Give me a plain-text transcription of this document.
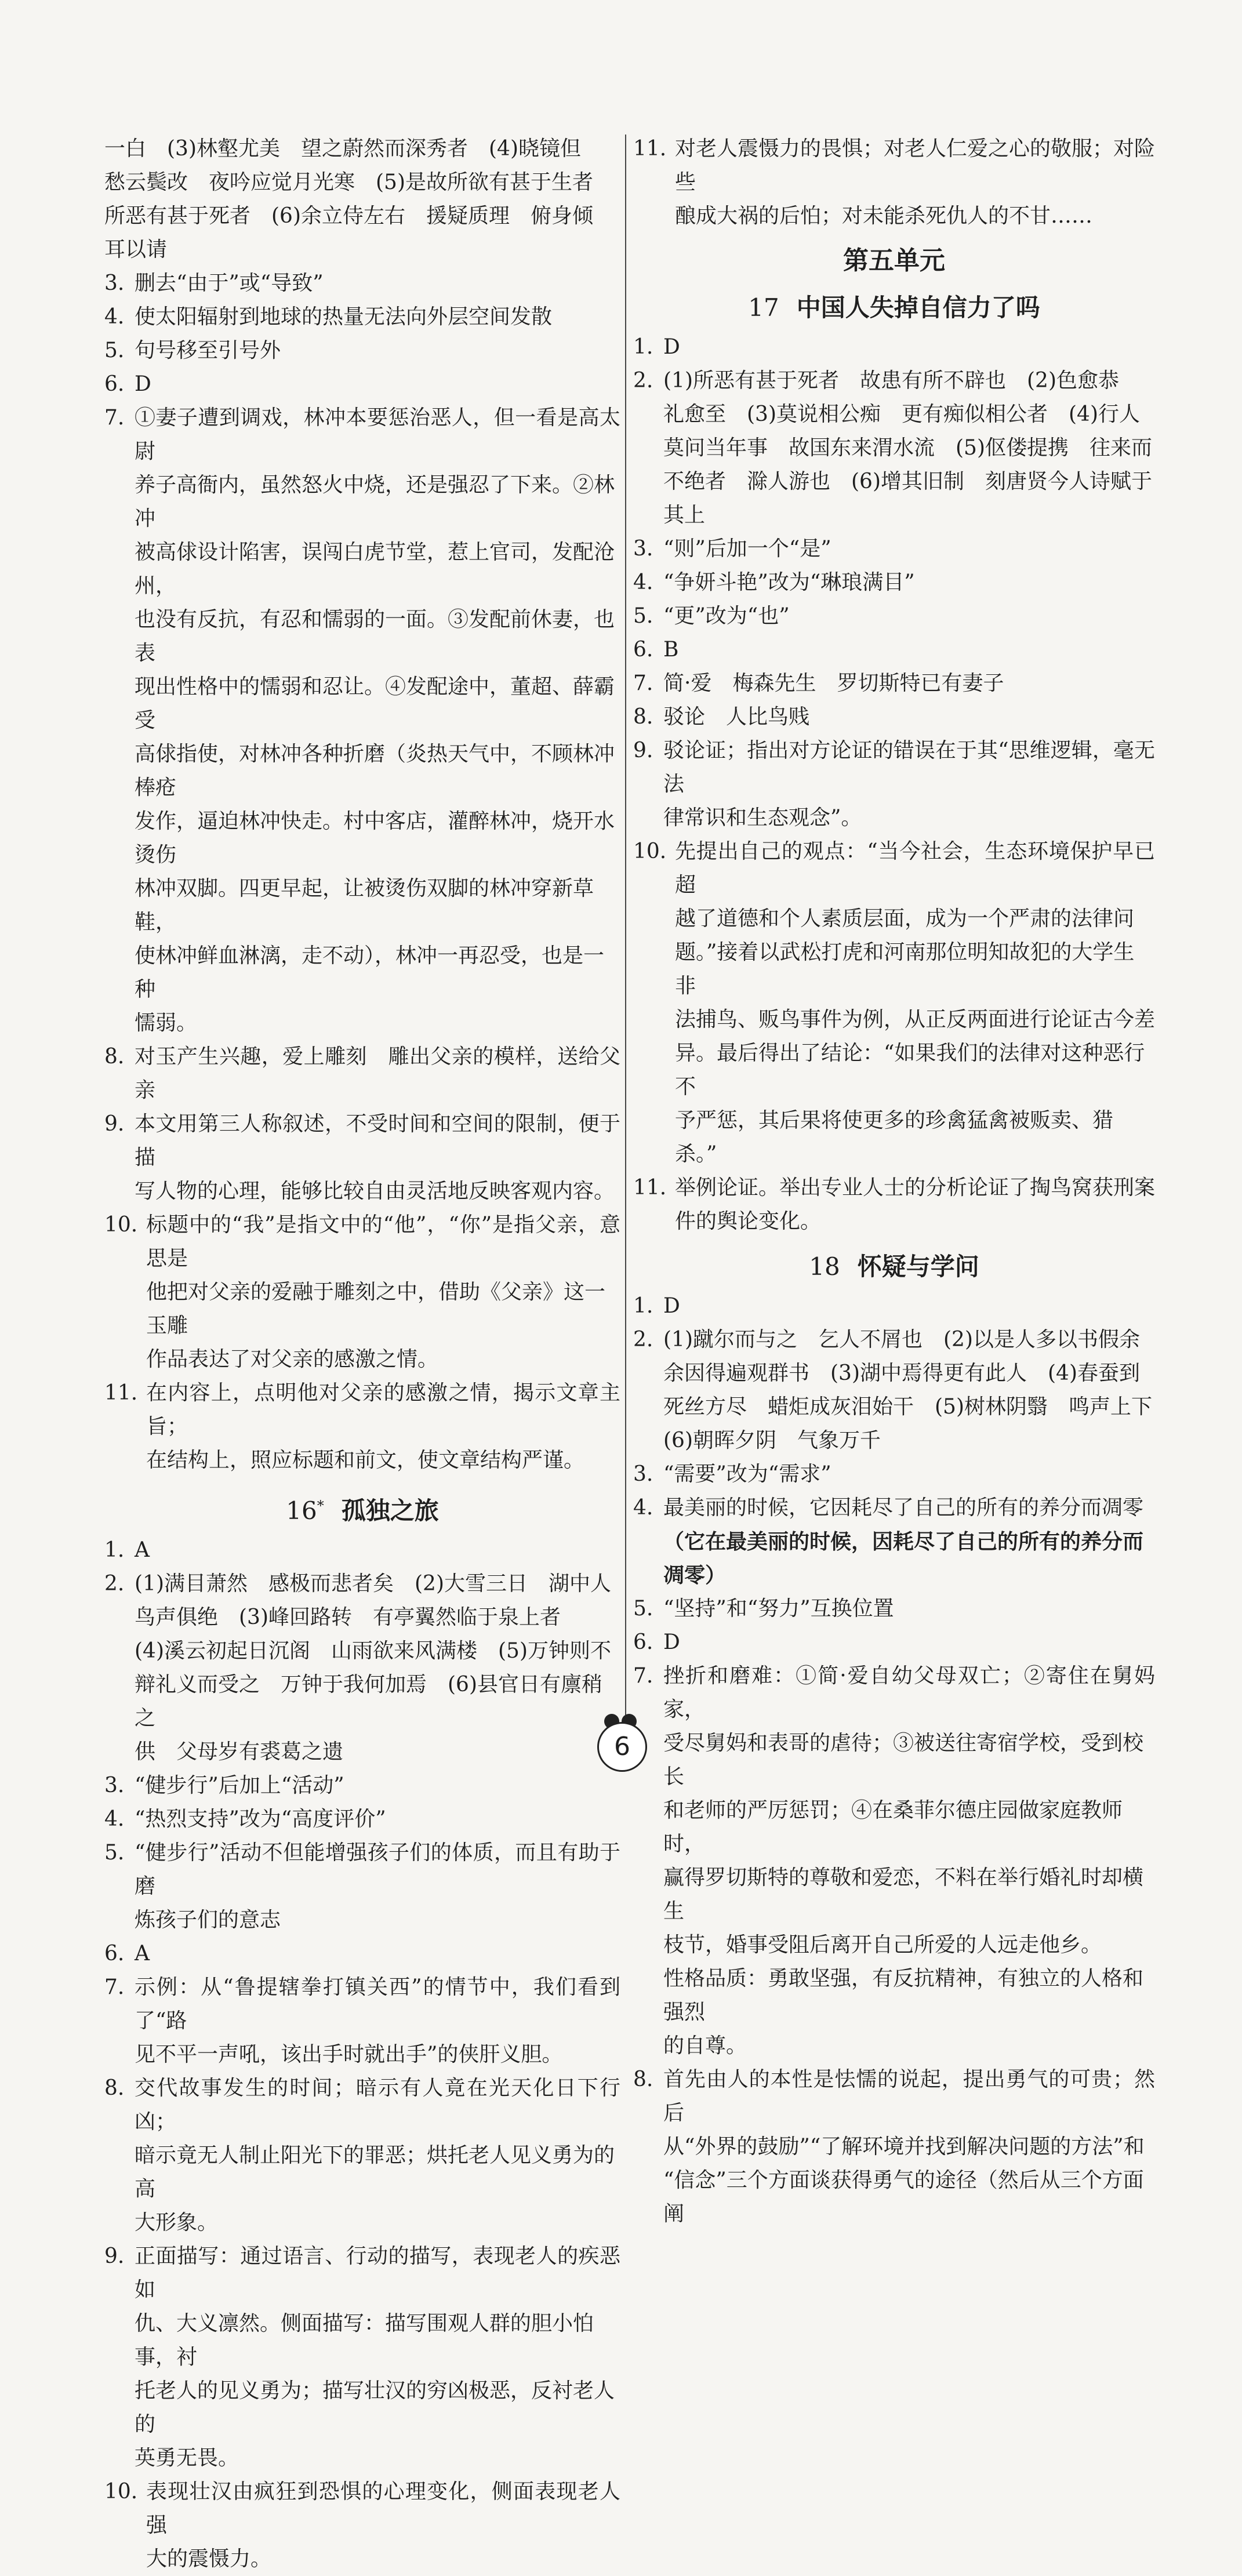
一白　(3)林壑尤美　望之蔚然而深秀者　(4)晓镜但
愁云鬓改　夜吟应觉月光寒　(5)是故所欲有甚于生者
所恶有甚于死者　(6)余立侍左右　援疑质理　俯身倾
耳以请
3. 删去“由于”或“导致”
4. 使太阳辐射到地球的热量无法向外层空间发散
5. 句号移至引号外
6. D
7. ①妻子遭到调戏，林冲本要惩治恶人，但一看是高太尉
养子高衙内，虽然怒火中烧，还是强忍了下来。②林冲
被高俅设计陷害，误闯白虎节堂，惹上官司，发配沧州，
也没有反抗，有忍和懦弱的一面。③发配前休妻，也表
现出性格中的懦弱和忍让。④发配途中，董超、薛霸受
高俅指使，对林冲各种折磨（炎热天气中，不顾林冲棒疮
发作，逼迫林冲快走。村中客店，灌醉林冲，烧开水烫伤
林冲双脚。四更早起，让被烫伤双脚的林冲穿新草鞋，
使林冲鲜血淋漓，走不动），林冲一再忍受，也是一种
懦弱。
8. 对玉产生兴趣，爱上雕刻　雕出父亲的模样，送给父亲
9. 本文用第三人称叙述，不受时间和空间的限制，便于描
写人物的心理，能够比较自由灵活地反映客观内容。
10. 标题中的“我”是指文中的“他”，“你”是指父亲，意思是
他把对父亲的爱融于雕刻之中，借助《父亲》这一玉雕
作品表达了对父亲的感激之情。
11. 在内容上，点明他对父亲的感激之情，揭示文章主旨；
在结构上，照应标题和前文，使文章结构严谨。
16* 孤独之旅
1. A
2. (1)满目萧然　感极而悲者矣　(2)大雪三日　湖中人
鸟声俱绝　(3)峰回路转　有亭翼然临于泉上者
(4)溪云初起日沉阁　山雨欲来风满楼　(5)万钟则不
辩礼义而受之　万钟于我何加焉　(6)县官日有廪稍之
供　父母岁有裘葛之遗
3. “健步行”后加上“活动”
4. “热烈支持”改为“高度评价”
5. “健步行”活动不但能增强孩子们的体质，而且有助于磨
炼孩子们的意志
6. A
7. 示例：从“鲁提辖拳打镇关西”的情节中，我们看到了“路
见不平一声吼，该出手时就出手”的侠肝义胆。
8. 交代故事发生的时间；暗示有人竟在光天化日下行凶；
暗示竟无人制止阳光下的罪恶；烘托老人见义勇为的高
大形象。
9. 正面描写：通过语言、行动的描写，表现老人的疾恶如
仇、大义凛然。侧面描写：描写围观人群的胆小怕事，衬
托老人的见义勇为；描写壮汉的穷凶极恶，反衬老人的
英勇无畏。
10. 表现壮汉由疯狂到恐惧的心理变化，侧面表现老人强
大的震慑力。
11. 对老人震慑力的畏惧；对老人仁爱之心的敬服；对险些
酿成大祸的后怕；对未能杀死仇人的不甘……
第五单元
17 中国人失掉自信力了吗
1. D
2. (1)所恶有甚于死者　故患有所不辟也　(2)色愈恭
礼愈至　(3)莫说相公痴　更有痴似相公者　(4)行人
莫问当年事　故国东来渭水流　(5)伛偻提携　往来而
不绝者　滁人游也　(6)增其旧制　刻唐贤今人诗赋于
其上
3. “则”后加一个“是”
4. “争妍斗艳”改为“琳琅满目”
5. “更”改为“也”
6. B
7. 简·爱　梅森先生　罗切斯特已有妻子
8. 驳论　人比鸟贱
9. 驳论证；指出对方论证的错误在于其“思维逻辑，毫无法
律常识和生态观念”。
10. 先提出自己的观点：“当今社会，生态环境保护早已超
越了道德和个人素质层面，成为一个严肃的法律问
题。”接着以武松打虎和河南那位明知故犯的大学生非
法捕鸟、贩鸟事件为例，从正反两面进行论证古今差
异。最后得出了结论：“如果我们的法律对这种恶行不
予严惩，其后果将使更多的珍禽猛禽被贩卖、猎杀。”
11. 举例论证。举出专业人士的分析论证了掏鸟窝获刑案
件的舆论变化。
18 怀疑与学问
1. D
2. (1)蹴尔而与之　乞人不屑也　(2)以是人多以书假余
余因得遍观群书　(3)湖中焉得更有此人　(4)春蚕到
死丝方尽　蜡炬成灰泪始干　(5)树林阴翳　鸣声上下
(6)朝晖夕阴　气象万千
3. “需要”改为“需求”
4. 最美丽的时候，它因耗尽了自己的所有的养分而凋零
（它在最美丽的时候，因耗尽了自己的所有的养分而
凋零）
5. “坚持”和“努力”互换位置
6. D
7. 挫折和磨难：①简·爱自幼父母双亡；②寄住在舅妈家，
受尽舅妈和表哥的虐待；③被送往寄宿学校，受到校长
和老师的严厉惩罚；④在桑菲尔德庄园做家庭教师时，
赢得罗切斯特的尊敬和爱恋，不料在举行婚礼时却横生
枝节，婚事受阻后离开自己所爱的人远走他乡。
性格品质：勇敢坚强，有反抗精神，有独立的人格和强烈
的自尊。
8. 首先由人的本性是怯懦的说起，提出勇气的可贵；然后
从“外界的鼓励”“了解环境并找到解决问题的方法”和
“信念”三个方面谈获得勇气的途径（然后从三个方面阐
6
